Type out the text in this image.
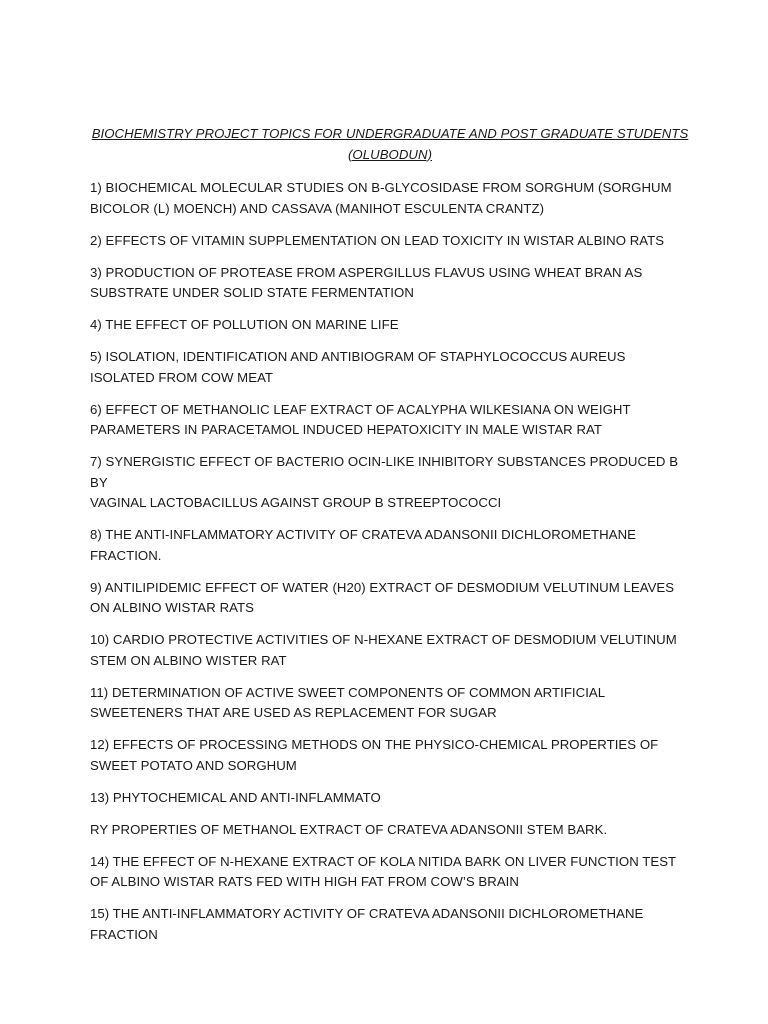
BIOCHEMISTRY PROJECT TOPICS FOR UNDERGRADUATE AND POST GRADUATE STUDENTS
(OLUBODUN)
1) BIOCHEMICAL MOLECULAR STUDIES ON B-GLYCOSIDASE FROM SORGHUM (SORGHUM
BICOLOR (L) MOENCH) AND CASSAVA (MANIHOT ESCULENTA CRANTZ)
2) EFFECTS OF VITAMIN SUPPLEMENTATION ON LEAD TOXICITY IN WISTAR ALBINO RATS
3) PRODUCTION OF PROTEASE FROM ASPERGILLUS FLAVUS USING WHEAT BRAN AS
SUBSTRATE UNDER SOLID STATE FERMENTATION
4) THE EFFECT OF POLLUTION ON MARINE LIFE
5) ISOLATION, IDENTIFICATION AND ANTIBIOGRAM OF STAPHYLOCOCCUS AUREUS
ISOLATED FROM COW MEAT
6) EFFECT OF METHANOLIC LEAF EXTRACT OF ACALYPHA WILKESIANA ON WEIGHT
PARAMETERS IN PARACETAMOL INDUCED HEPATOXICITY IN MALE WISTAR RAT
7) SYNERGISTIC EFFECT OF BACTERIO OCIN-LIKE INHIBITORY SUBSTANCES PRODUCED B BY
VAGINAL LACTOBACILLUS AGAINST GROUP B STREEPTOCOCCI
8) THE ANTI-INFLAMMATORY ACTIVITY OF CRATEVA ADANSONII DICHLOROMETHANE
FRACTION.
9) ANTILIPIDEMIC EFFECT OF WATER (H20) EXTRACT OF DESMODIUM VELUTINUM LEAVES
ON ALBINO WISTAR RATS
10) CARDIO PROTECTIVE ACTIVITIES OF N-HEXANE EXTRACT OF DESMODIUM VELUTINUM
STEM ON ALBINO WISTER RAT
11) DETERMINATION OF ACTIVE SWEET COMPONENTS OF COMMON ARTIFICIAL
SWEETENERS THAT ARE USED AS REPLACEMENT FOR SUGAR
12) EFFECTS OF PROCESSING METHODS ON THE PHYSICO-CHEMICAL PROPERTIES OF
SWEET POTATO AND SORGHUM
13) PHYTOCHEMICAL AND ANTI-INFLAMMATO
RY PROPERTIES OF METHANOL EXTRACT OF CRATEVA ADANSONII STEM BARK.
14) THE EFFECT OF N-HEXANE EXTRACT OF KOLA NITIDA BARK ON LIVER FUNCTION TEST
OF ALBINO WISTAR RATS FED WITH HIGH FAT FROM COW’S BRAIN
15) THE ANTI-INFLAMMATORY ACTIVITY OF CRATEVA ADANSONII DICHLOROMETHANE
FRACTION
